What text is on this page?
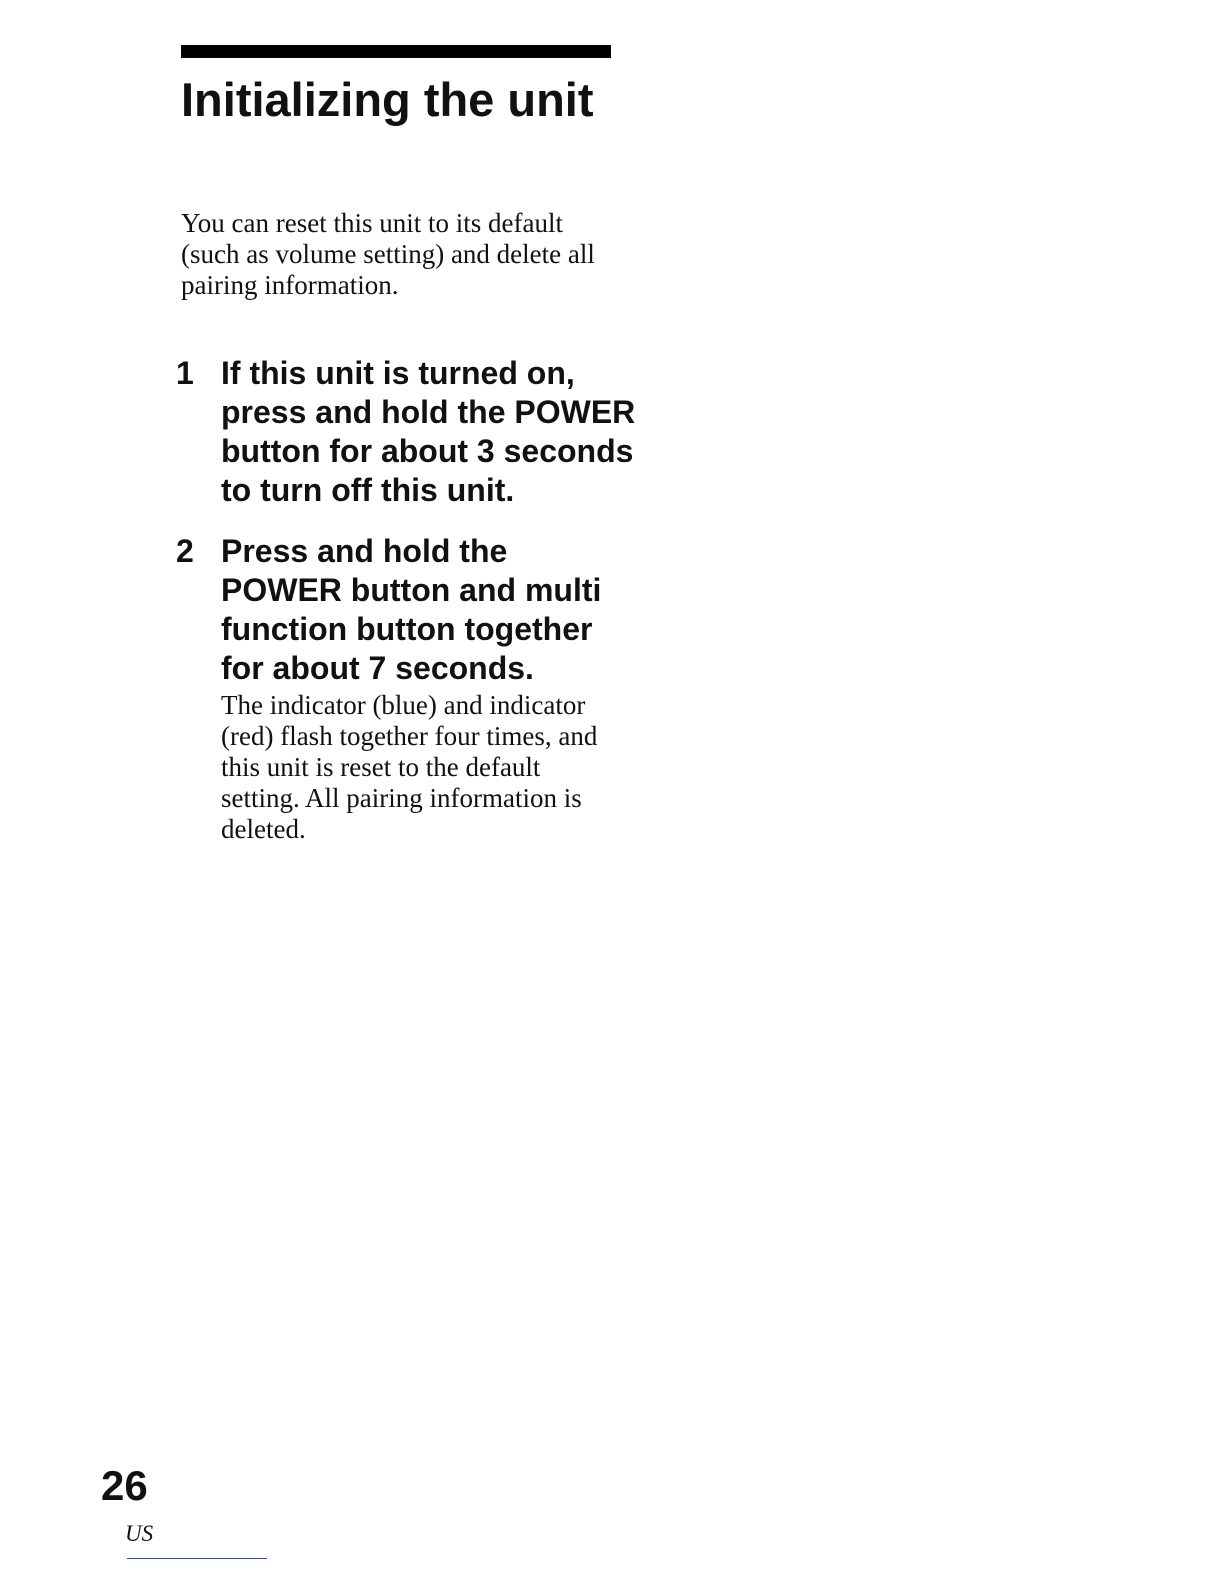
Initializing the unit

You can reset this unit to its default (such as volume setting) and delete all pairing information.

1 If this unit is turned on, press and hold the POWER button for about 3 seconds to turn off this unit.

2 Press and hold the POWER button and multi function button together for about 7 seconds.

The indicator (blue) and indicator (red) flash together four times, and this unit is reset to the default setting. All pairing information is deleted.

26

US
